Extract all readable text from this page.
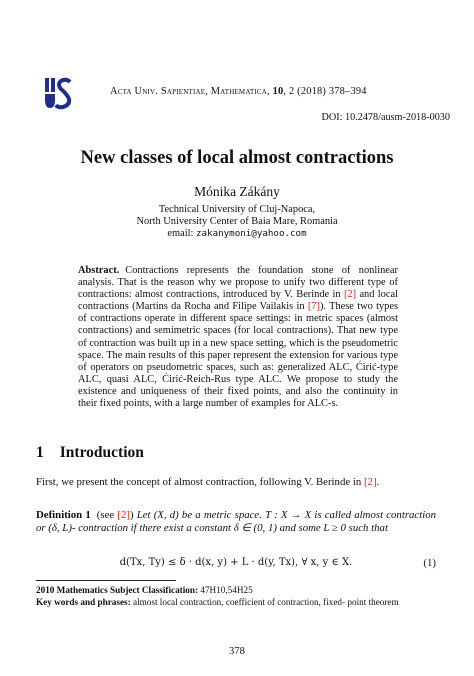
Acta Univ. Sapientiae, Mathematica, 10, 2 (2018) 378–394
DOI: 10.2478/ausm-2018-0030
New classes of local almost contractions
Mónika Zákány
Technical University of Cluj-Napoca,
North University Center of Baia Mare, Romania
email: zakanymoni@yahoo.com

Abstract. Contractions represents the foundation stone of nonlinear analysis. That is the reason why we propose to unify two different type of contractions: almost contractions, introduced by V. Berinde in [2] and local contractions (Martins da Rocha and Filipe Vailakis in [7]). These two types of contractions operate in different space settings: in metric spaces (almost contractions) and semimetric spaces (for local contractions). That new type of contraction was built up in a new space setting, which is the pseudometric space. The main results of this paper represent the extension for various type of operators on pseudometric spaces, such as: generalized ALC, Ćirić-type ALC, quasi ALC, Ćirić-Reich-Rus type ALC. We propose to study the existence and uniqueness of their fixed points, and also the continuity in their fixed points, with a large number of examples for ALC-s.

1 Introduction

First, we present the concept of almost contraction, following V. Berinde in [2].

Definition 1 (see [2]) Let (X, d) be a metric space. T : X → X is called almost contraction or (δ, L)- contraction if there exist a constant δ ∈ (0, 1) and some L ≥ 0 such that

d(Tx, Ty) ≤ δ · d(x, y) + L · d(y, Tx), ∀ x, y ∈ X.	(1)
2010 Mathematics Subject Classification: 47H10,54H25
Key words and phrases: almost local contraction, coefficient of contraction, fixed- point theorem
378
